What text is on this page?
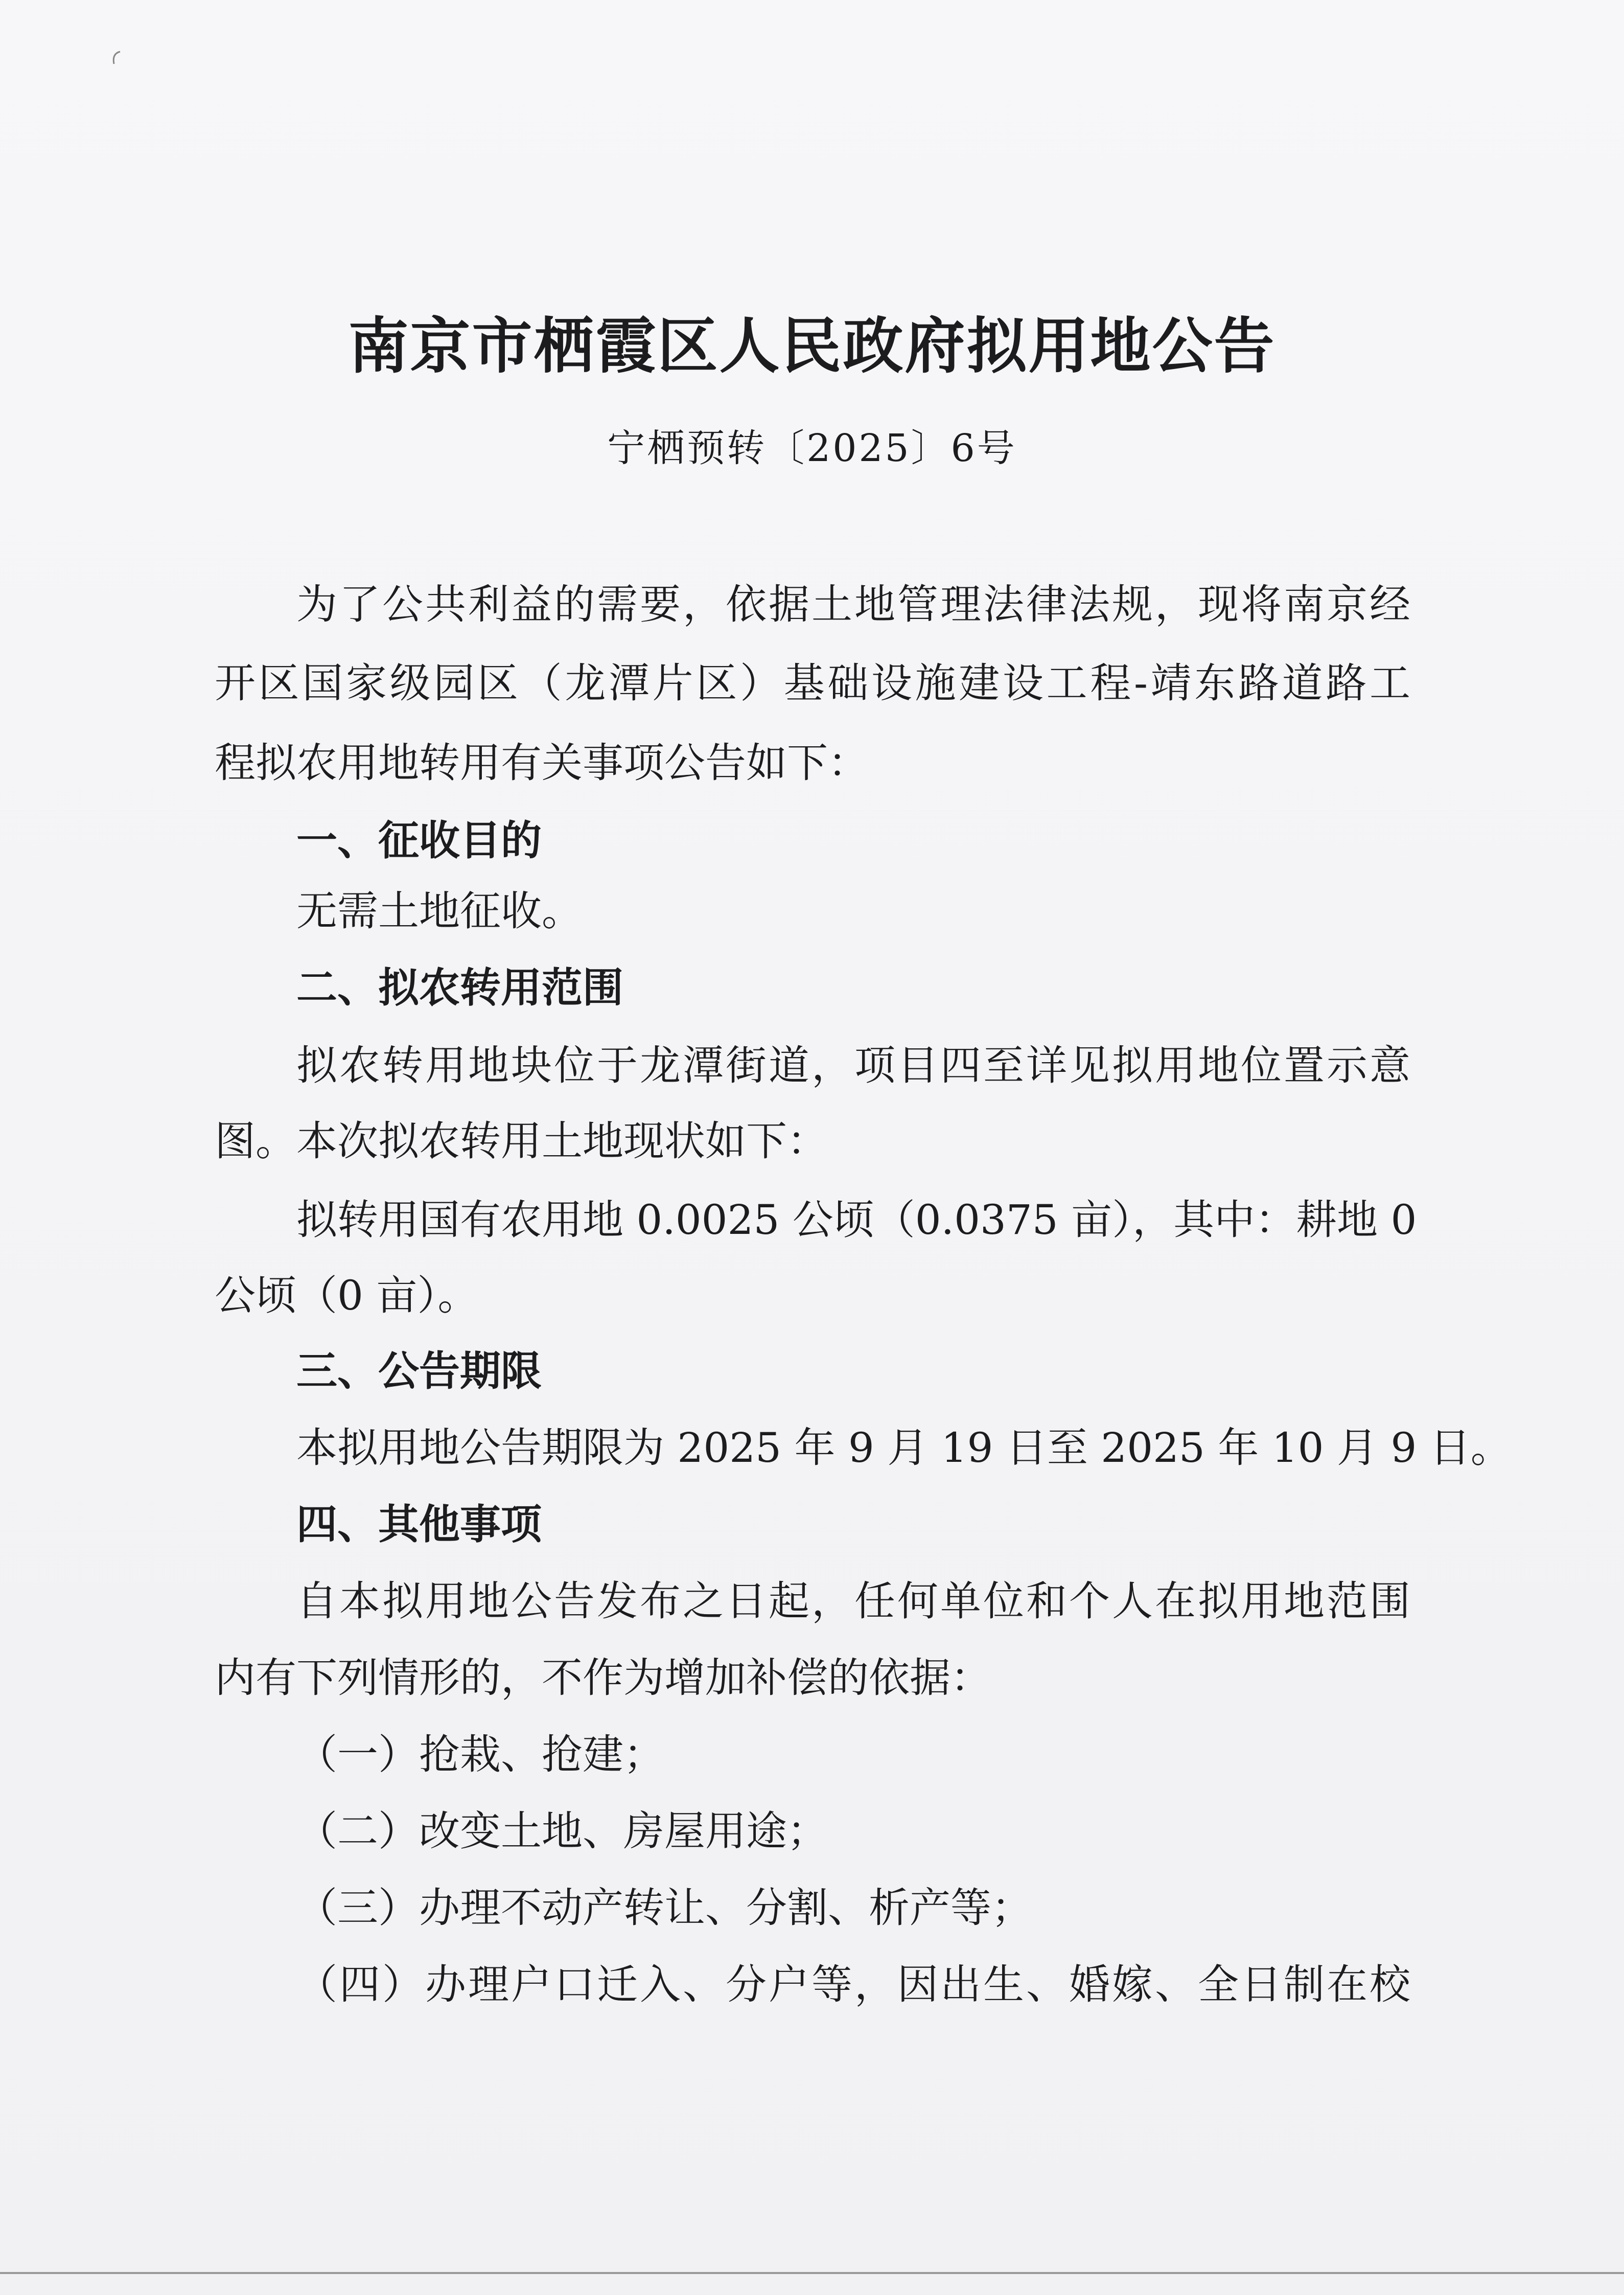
南京市栖霞区人民政府拟用地公告
宁栖预转〔2025〕6号
为了公共利益的需要，依据土地管理法律法规，现将南京经
开区国家级园区（龙潭片区）基础设施建设工程-靖东路道路工
程拟农用地转用有关事项公告如下：
一、征收目的
无需土地征收。
二、拟农转用范围
拟农转用地块位于龙潭街道，项目四至详见拟用地位置示意
图。本次拟农转用土地现状如下：
拟转用国有农用地 0.0025 公顷（0.0375 亩），其中：耕地 0
公顷（0 亩）。
三、公告期限
本拟用地公告期限为 2025 年 9 月 19 日至 2025 年 10 月 9 日。
四、其他事项
自本拟用地公告发布之日起，任何单位和个人在拟用地范围
内有下列情形的，不作为增加补偿的依据：
（一）抢栽、抢建；
（二）改变土地、房屋用途；
（三）办理不动产转让、分割、析产等；
（四）办理户口迁入、分户等，因出生、婚嫁、全日制在校
